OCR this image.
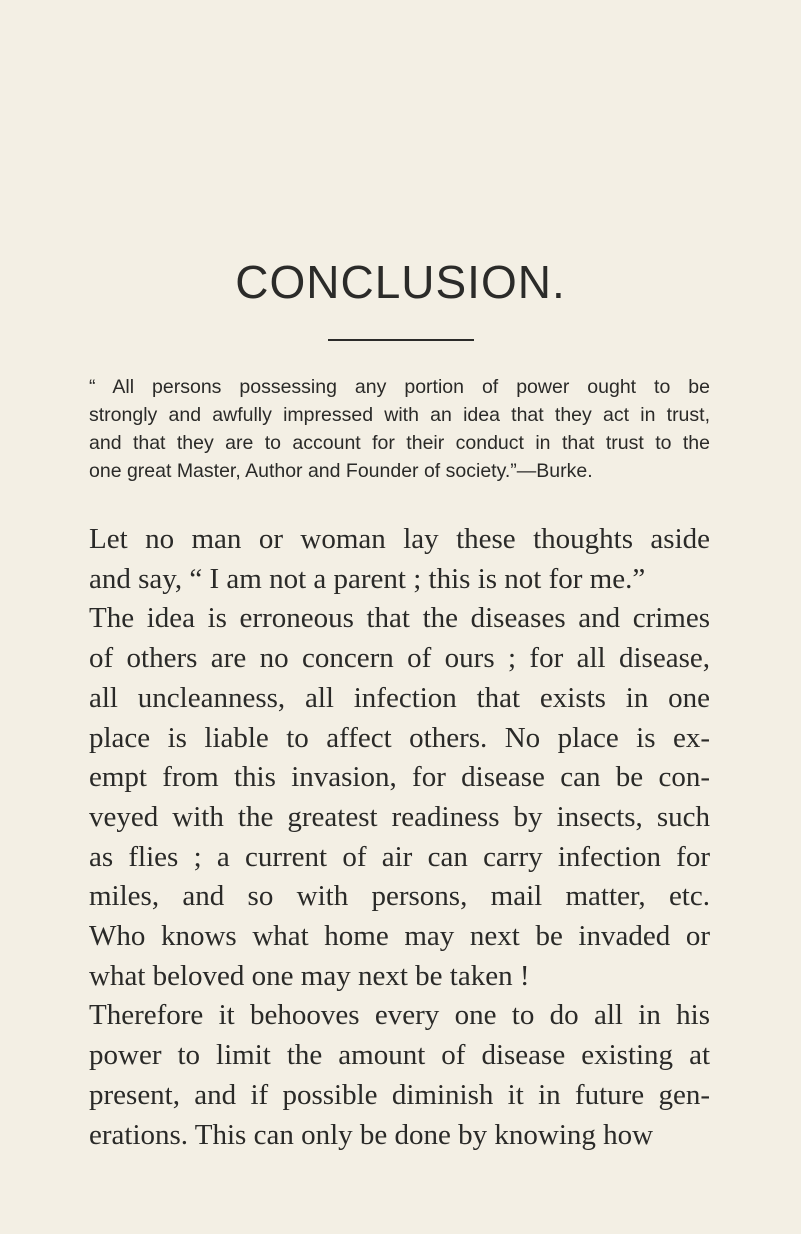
CONCLUSION.
“ All persons possessing any portion of power ought to be
strongly and awfully impressed with an idea that they act in trust,
and that they are to account for their conduct in that trust to the
one great Master, Author and Founder of society.”—Burke.
Let no man or woman lay these thoughts aside
and say, “ I am not a parent ; this is not for me.”
The idea is erroneous that the diseases and crimes
of others are no concern of ours ; for all disease,
all uncleanness, all infection that exists in one
place is liable to affect others. No place is ex-
empt from this invasion, for disease can be con-
veyed with the greatest readiness by insects, such
as flies ; a current of air can carry infection for
miles, and so with persons, mail matter, etc.
Who knows what home may next be invaded or
what beloved one may next be taken !
Therefore it behooves every one to do all in his
power to limit the amount of disease existing at
present, and if possible diminish it in future gen-
erations. This can only be done by knowing how
